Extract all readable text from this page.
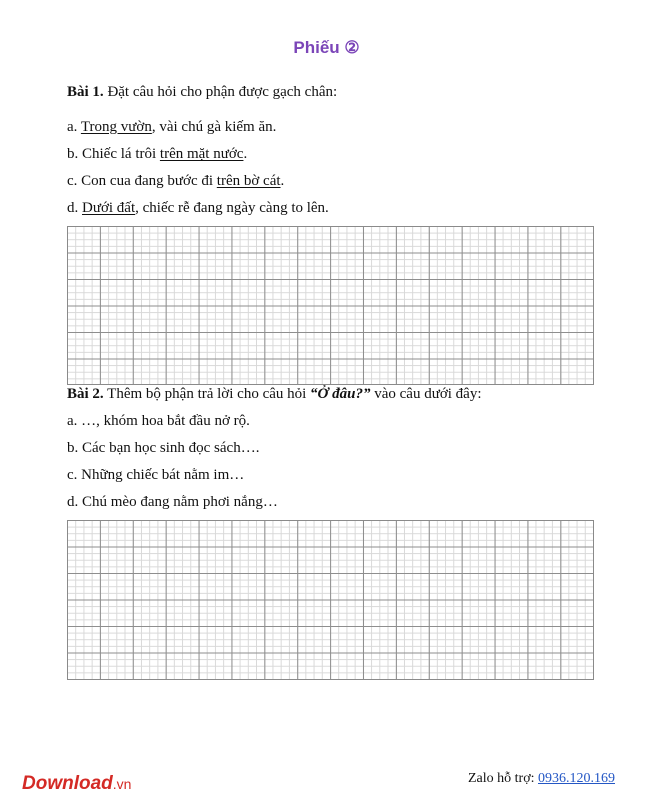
Phiếu ②
Bài 1. Đặt câu hỏi cho phận được gạch chân:
a. Trong vườn, vài chú gà kiếm ăn.
b. Chiếc lá trôi trên mặt nước.
c. Con cua đang bước đi trên bờ cát.
d. Dưới đất, chiếc rễ đang ngày càng to lên.
Bài 2. Thêm bộ phận trả lời cho câu hỏi “Ở đâu?” vào câu dưới đây:
a. …, khóm hoa bắt đầu nở rộ.
b. Các bạn học sinh đọc sách….
c. Những chiếc bát nằm im…
d. Chú mèo đang nằm phơi nắng…
Download.vn	Zalo hỗ trợ: 0936.120.169
